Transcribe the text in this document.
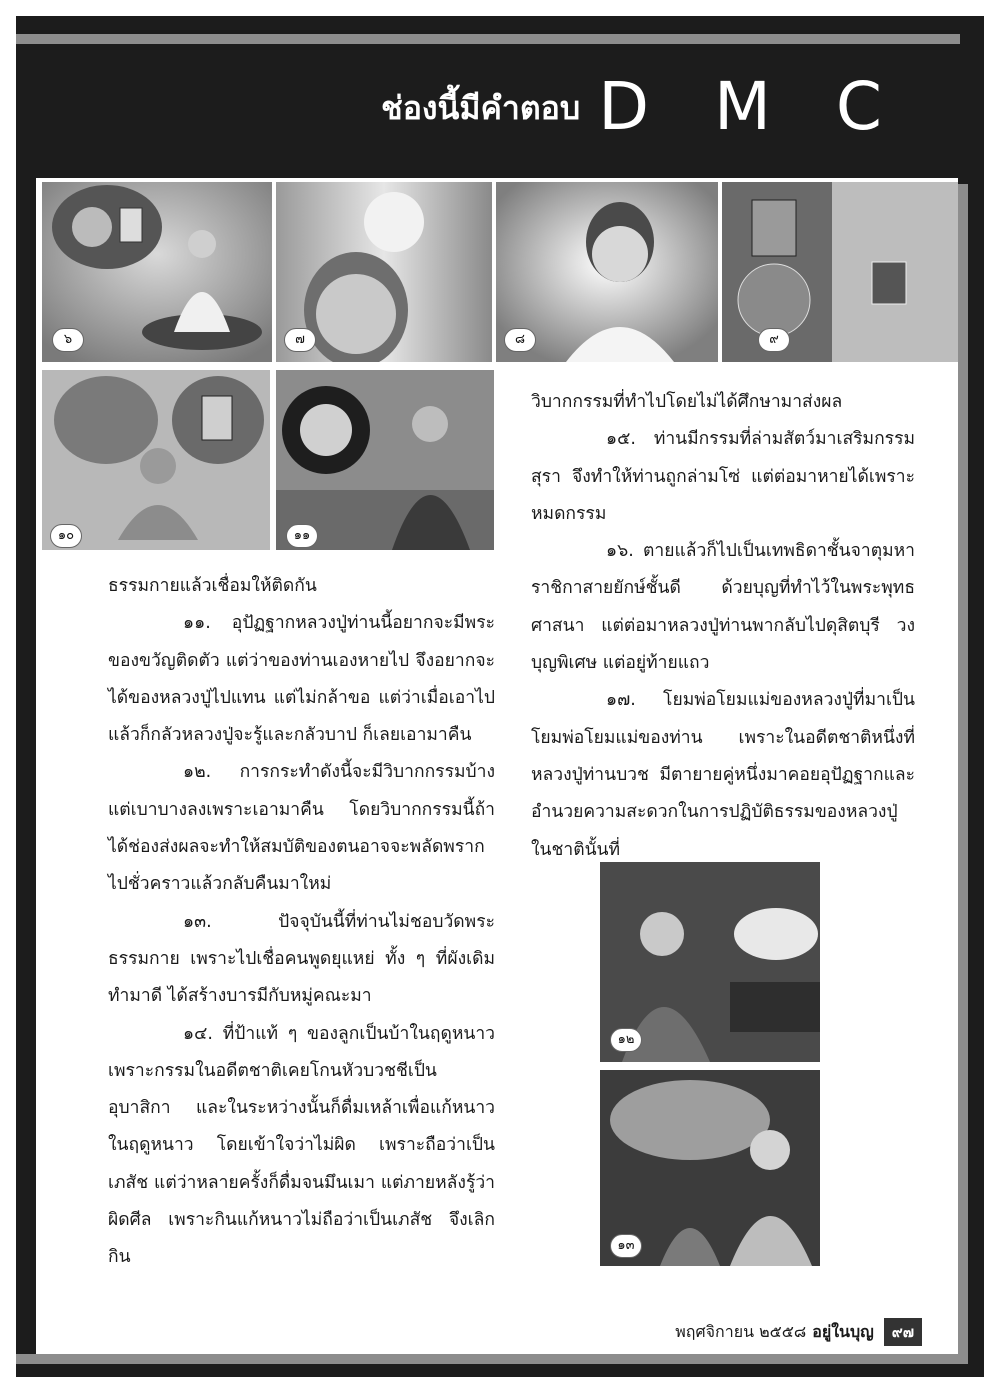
ช่องนี้มีคำตอบ D M C
๖	๗	๘	๙
๑๐	๑๑
๑๒
๑๓

ธรรมกายแล้วเชื่อมให้ติดกัน

๑๑. อุปัฏฐากหลวงปู่ท่านนี้อยากจะมีพระของขวัญติดตัว แต่ว่าของท่านเองหายไป จึงอยากจะได้ของหลวงปู่ไปแทน แต่ไม่กล้าขอ แต่ว่าเมื่อเอาไปแล้วก็กลัวหลวงปู่จะรู้และกลัวบาป ก็เลยเอามาคืน

๑๒. การกระทำดังนี้จะมีวิบากกรรมบ้าง แต่เบาบางลงเพราะเอามาคืน โดยวิบากกรรมนี้ถ้าได้ช่องส่งผลจะทำให้สมบัติของตนอาจจะพลัดพรากไปชั่วคราวแล้วกลับคืนมาใหม่

๑๓. ปัจจุบันนี้ที่ท่านไม่ชอบวัดพระธรรมกาย เพราะไปเชื่อคนพูดยุแหย่ ทั้ง ๆ ที่ผังเดิมทำมาดี ได้สร้างบารมีกับหมู่คณะมา

๑๔. ที่ป้าแท้ ๆ ของลูกเป็นบ้าในฤดูหนาว เพราะกรรมในอดีตชาติเคยโกนหัวบวชชีเป็นอุบาสิกา และในระหว่างนั้นก็ดื่มเหล้าเพื่อแก้หนาวในฤดูหนาว โดยเข้าใจว่าไม่ผิด เพราะถือว่าเป็นเภสัช แต่ว่าหลายครั้งก็ดื่มจนมึนเมา แต่ภายหลังรู้ว่าผิดศีล เพราะกินแก้หนาวไม่ถือว่าเป็นเภสัช จึงเลิกกิน

วิบากกรรมที่ทำไปโดยไม่ได้ศึกษามาส่งผล

๑๕. ท่านมีกรรมที่ล่ามสัตว์มาเสริมกรรมสุรา จึงทำให้ท่านถูกล่ามโซ่ แต่ต่อมาหายได้เพราะหมดกรรม

๑๖. ตายแล้วก็ไปเป็นเทพธิดาชั้นจาตุมหาราชิกาสายยักษ์ชั้นดี ด้วยบุญที่ทำไว้ในพระพุทธศาสนา แต่ต่อมาหลวงปู่ท่านพากลับไปดุสิตบุรี วงบุญพิเศษ แต่อยู่ท้ายแถว

๑๗. โยมพ่อโยมแม่ของหลวงปู่ที่มาเป็นโยมพ่อโยมแม่ของท่าน เพราะในอดีตชาติหนึ่งที่หลวงปู่ท่านบวช มีตายายคู่หนึ่งมาคอยอุปัฏฐากและอำนวยความสะดวกในการปฏิบัติธรรมของหลวงปู่ในชาตินั้นที่

พฤศจิกายน ๒๕๕๘ อยู่ในบุญ	๙๗
